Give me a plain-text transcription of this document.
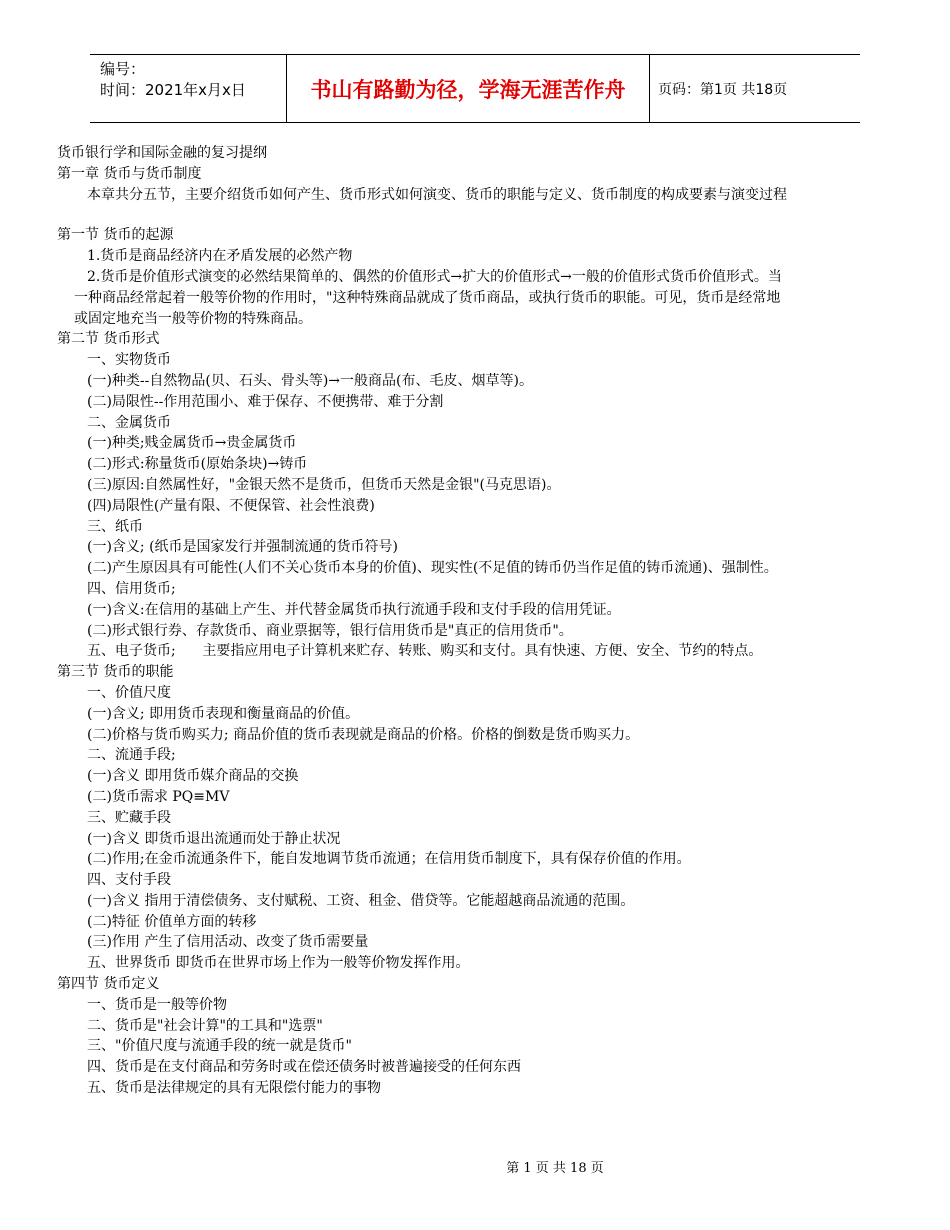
编号：
时间：2021年x月x日	书山有路勤为径，学海无涯苦作舟	页码：第1页 共18页

货币银行学和国际金融的复习提纲

第一章 货币与货币制度

本章共分五节，主要介绍货币如何产生、货币形式如何演变、货币的职能与定义、货币制度的构成要素与演变过程

第一节 货币的起源

1.货币是商品经济内在矛盾发展的必然产物

2.货币是价值形式演变的必然结果简单的、偶然的价值形式→扩大的价值形式→一般的价值形式货币价值形式。当

一种商品经常起着一般等价物的作用时，"这种特殊商品就成了货币商品，或执行货币的职能。可见，货币是经常地

或固定地充当一般等价物的特殊商品。

第二节 货币形式

一、实物货币

(一)种类--自然物品(贝、石头、骨头等)→一般商品(布、毛皮、烟草等)。

(二)局限性--作用范围小、难于保存、不便携带、难于分割

二、金属货币

(一)种类;贱金属货币→贵金属货币

(二)形式:称量货币(原始条块)→铸币

(三)原因:自然属性好，"金银天然不是货币，但货币天然是金银"(马克思语)。

(四)局限性(产量有限、不便保管、社会性浪费)

三、纸币

(一)含义; (纸币是国家发行并强制流通的货币符号)

(二)产生原因具有可能性(人们不关心货币本身的价值)、现实性(不足值的铸币仍当作足值的铸币流通)、强制性。

四、信用货币;

(一)含义:在信用的基础上产生、并代替金属货币执行流通手段和支付手段的信用凭证。

(二)形式银行券、存款货币、商业票据等，银行信用货币是"真正的信用货币"。

五、电子货币;      主要指应用电子计算机来贮存、转账、购买和支付。具有快速、方便、安全、节约的特点。

第三节 货币的职能

一、价值尺度

(一)含义; 即用货币表现和衡量商品的价值。

(二)价格与货币购买力; 商品价值的货币表现就是商品的价格。价格的倒数是货币购买力。

二、流通手段;

(一)含义 即用货币媒介商品的交换

(二)货币需求 PQ≡MV

三、贮藏手段

(一)含义 即货币退出流通而处于静止状况

(二)作用;在金币流通条件下，能自发地调节货币流通；在信用货币制度下，具有保存价值的作用。

四、支付手段

(一)含义 指用于清偿债务、支付赋税、工资、租金、借贷等。它能超越商品流通的范围。

(二)特征 价值单方面的转移

(三)作用 产生了信用活动、改变了货币需要量

五、世界货币 即货币在世界市场上作为一般等价物发挥作用。

第四节 货币定义

一、货币是一般等价物

二、货币是"社会计算"的工具和"选票"

三、"价值尺度与流通手段的统一就是货币"

四、货币是在支付商品和劳务时或在偿还债务时被普遍接受的任何东西

五、货币是法律规定的具有无限偿付能力的事物

第 1 页 共 18 页
